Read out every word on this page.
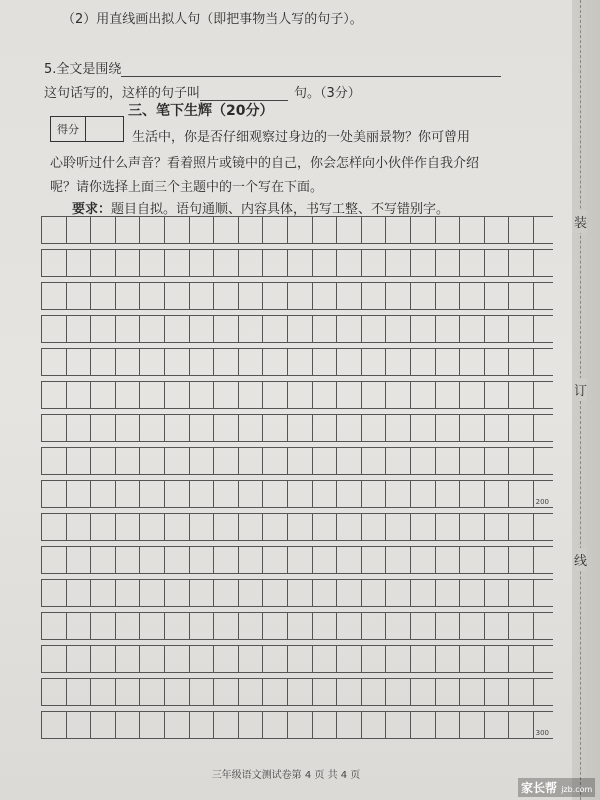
（2）用直线画出拟人句（即把事物当人写的句子）。
5.全文是围绕
这句话写的，这样的句子叫	句。（3分）
三、笔下生辉（20分）
得分
生活中，你是否仔细观察过身边的一处美丽景物？你可曾用
心聆听过什么声音？看着照片或镜中的自己，你会怎样向小伙伴作自我介绍
呢？请你选择上面三个主题中的一个写在下面。
要求：题目自拟。语句通顺、内容具体，书写工整、不写错别字。
200
300
三年级语文测试卷第 4 页 共 4 页
装
订
线
家长帮 jzb.com
